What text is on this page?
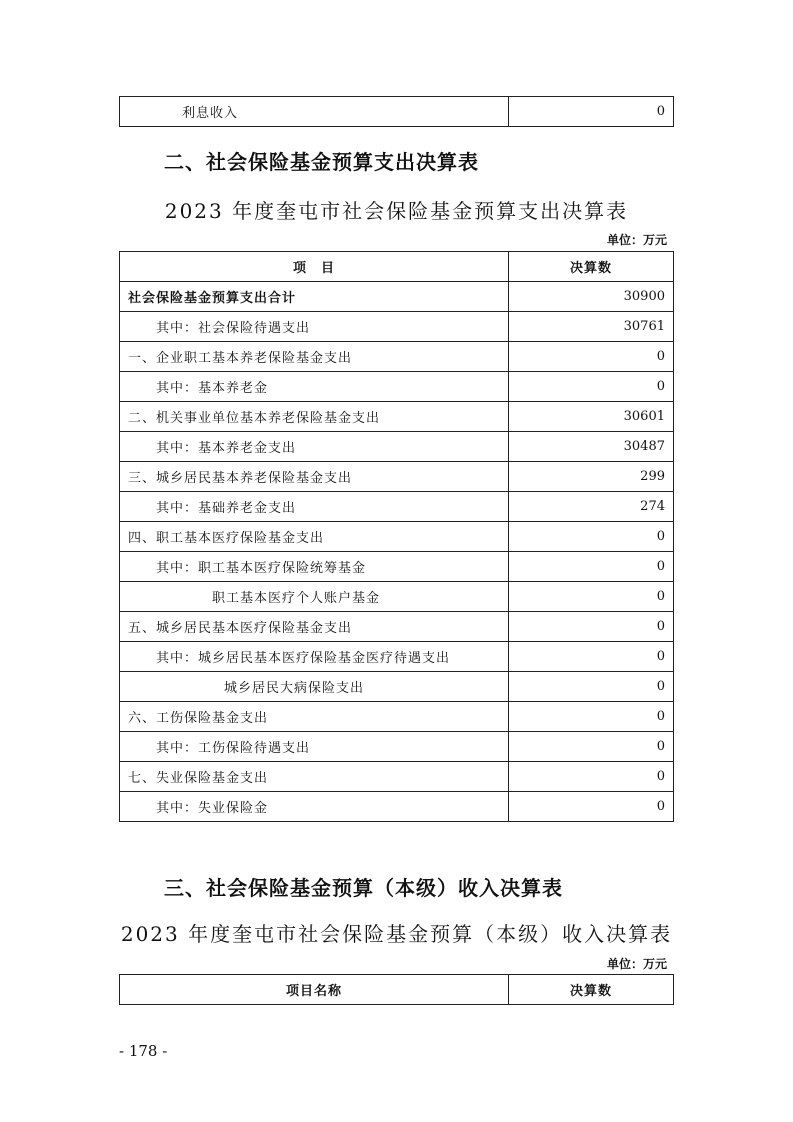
利息收入	0
二、社会保险基金预算支出决算表
2023 年度奎屯市社会保险基金预算支出决算表
单位：万元
项　目	决算数
社会保险基金预算支出合计	30900
其中：社会保险待遇支出	30761
一、企业职工基本养老保险基金支出	0
其中：基本养老金	0
二、机关事业单位基本养老保险基金支出	30601
其中：基本养老金支出	30487
三、城乡居民基本养老保险基金支出	299
其中：基础养老金支出	274
四、职工基本医疗保险基金支出	0
其中：职工基本医疗保险统筹基金	0
职工基本医疗个人账户基金	0
五、城乡居民基本医疗保险基金支出	0
其中：城乡居民基本医疗保险基金医疗待遇支出	0
城乡居民大病保险支出	0
六、工伤保险基金支出	0
其中：工伤保险待遇支出	0
七、失业保险基金支出	0
其中：失业保险金	0
三、社会保险基金预算（本级）收入决算表
2023 年度奎屯市社会保险基金预算（本级）收入决算表
单位：万元
项目名称	决算数
- 178 -
